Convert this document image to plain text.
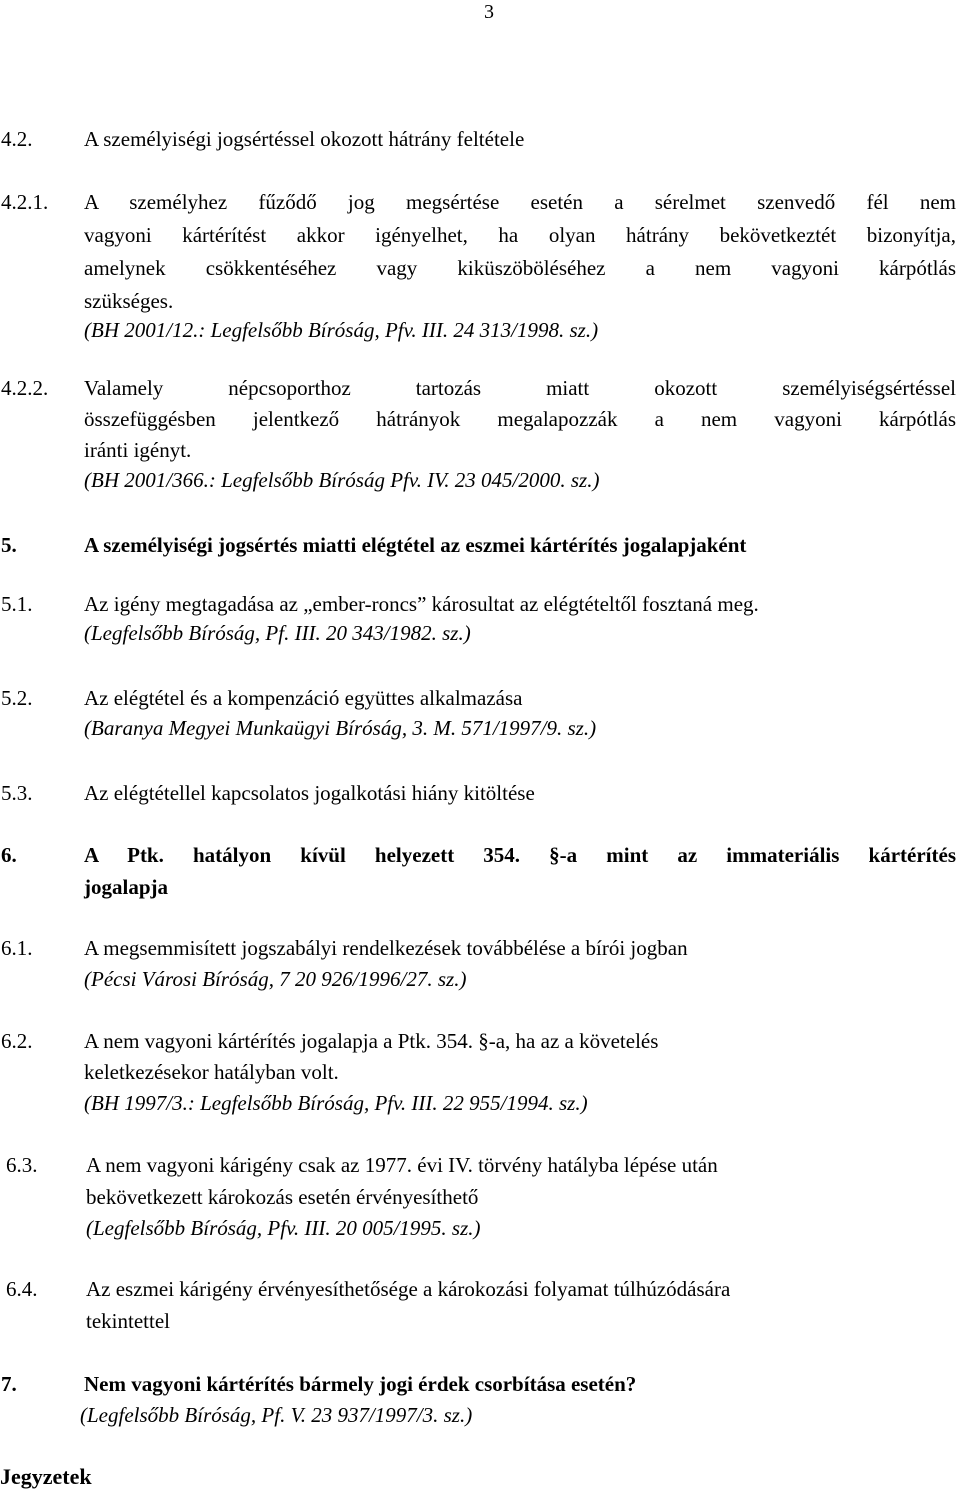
3
4.2. A személyiségi jogsértéssel okozott hátrány feltétele
4.2.1. A személyhez fűződő jog megsértése esetén a sérelmet szenvedő fél nem
vagyoni kártérítést akkor igényelhet, ha olyan hátrány bekövetkeztét bizonyítja,
amelynek csökkentéséhez vagy kiküszöböléséhez a nem vagyoni kárpótlás
szükséges.
(BH 2001/12.: Legfelsőbb Bíróság, Pfv. III. 24 313/1998. sz.)
4.2.2. Valamely népcsoporthoz tartozás miatt okozott személyiségsértéssel
összefüggésben jelentkező hátrányok megalapozzák a nem vagyoni kárpótlás
iránti igényt.
(BH 2001/366.: Legfelsőbb Bíróság Pfv. IV. 23 045/2000. sz.)
5.	A személyiségi jogsértés miatti elégtétel az eszmei kártérítés jogalapjaként
5.1. Az igény megtagadása az „ember-roncs” károsultat az elégtételtől fosztaná meg.
(Legfelsőbb Bíróság, Pf. III. 20 343/1982. sz.)
5.2. Az elégtétel és a kompenzáció együttes alkalmazása
(Baranya Megyei Munkaügyi Bíróság, 3. M. 571/1997/9. sz.)
5.3. Az elégtétellel kapcsolatos jogalkotási hiány kitöltése
6.	A Ptk. hatályon kívül helyezett 354. §-a mint az immateriális kártérítés
jogalapja
6.1. A megsemmisített jogszabályi rendelkezések továbbélése a bírói jogban
(Pécsi Városi Bíróság, 7 20 926/1996/27. sz.)
6.2. A nem vagyoni kártérítés jogalapja a Ptk. 354. §-a, ha az a követelés
keletkezésekor hatályban volt.
(BH 1997/3.: Legfelsőbb Bíróság, Pfv. III. 22 955/1994. sz.)
6.3. A nem vagyoni kárigény csak az 1977. évi IV. törvény hatályba lépése után
bekövetkezett károkozás esetén érvényesíthető
(Legfelsőbb Bíróság, Pfv. III. 20 005/1995. sz.)
6.4. Az eszmei kárigény érvényesíthetősége a károkozási folyamat túlhúzódására
tekintettel
7.	Nem vagyoni kártérítés bármely jogi érdek csorbítása esetén?
(Legfelsőbb Bíróság, Pf. V. 23 937/1997/3. sz.)
Jegyzetek
